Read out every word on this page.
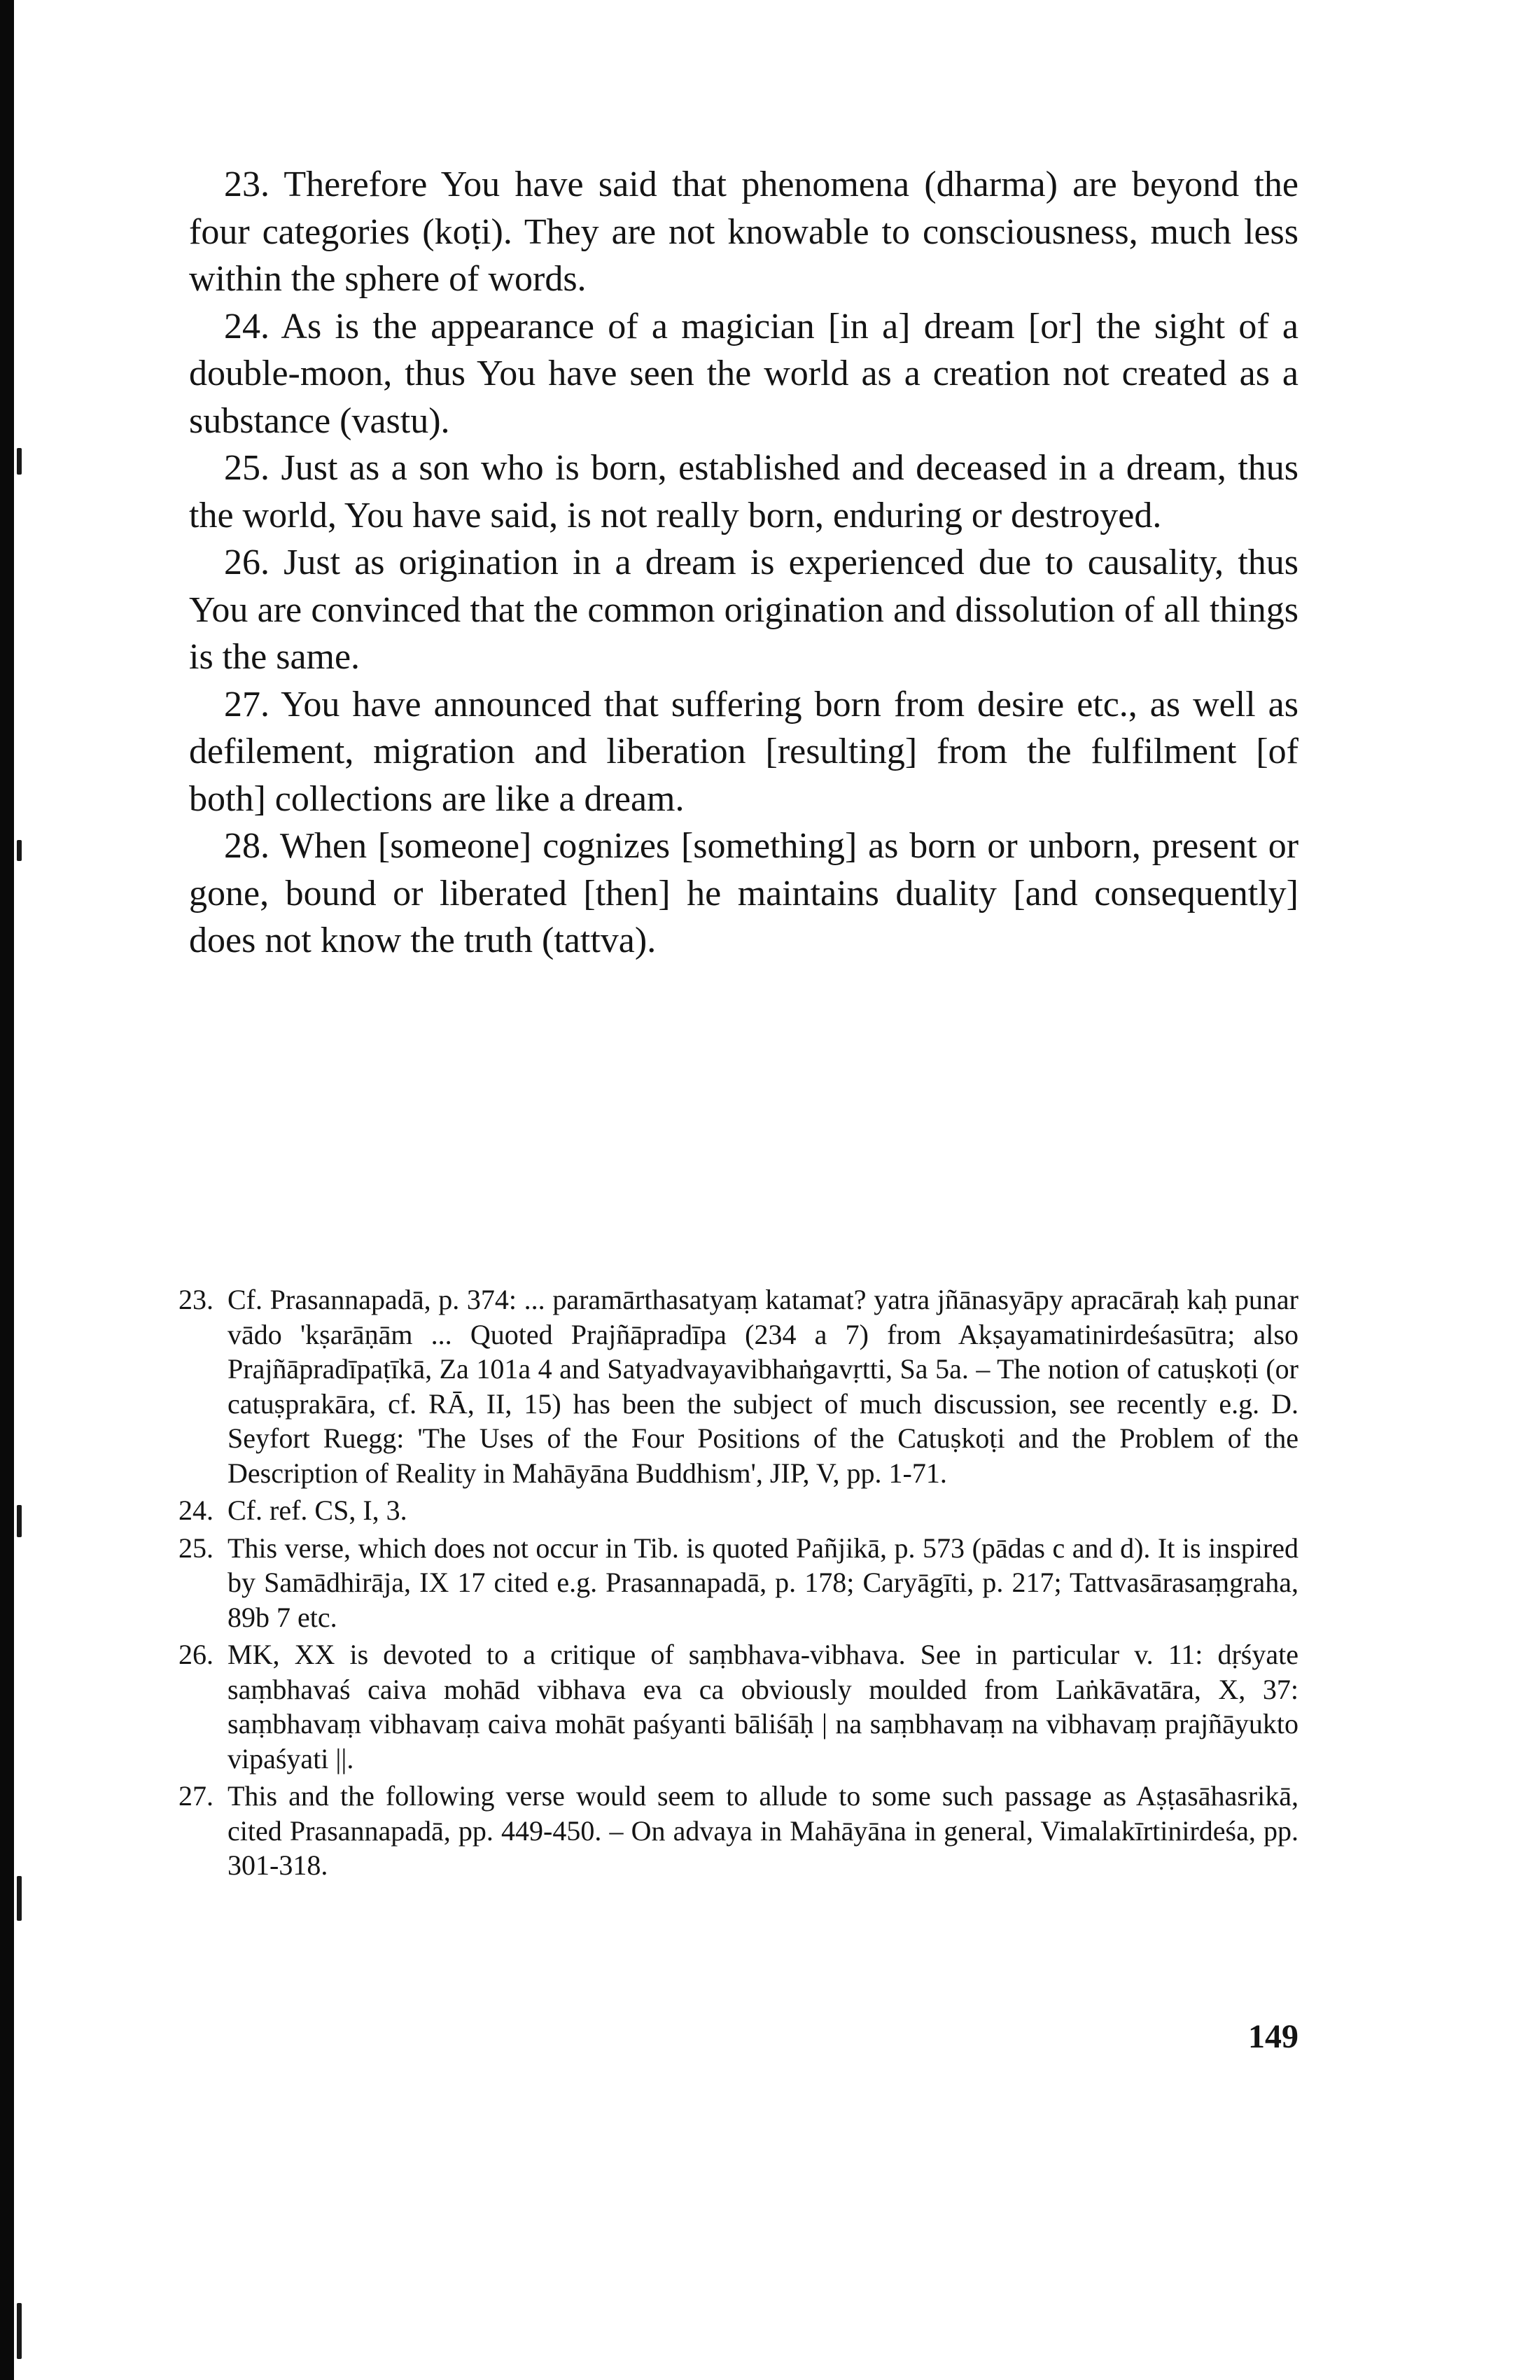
23. Therefore You have said that phenomena (dharma) are beyond the four categories (koṭi). They are not knowable to consciousness, much less within the sphere of words.

24. As is the appearance of a magician [in a] dream [or] the sight of a double-moon, thus You have seen the world as a creation not created as a substance (vastu).

25. Just as a son who is born, established and deceased in a dream, thus the world, You have said, is not really born, enduring or destroyed.

26. Just as origination in a dream is experienced due to causality, thus You are convinced that the common origination and dissolution of all things is the same.

27. You have announced that suffering born from desire etc., as well as defilement, migration and liberation [resulting] from the fulfilment [of both] collections are like a dream.

28. When [someone] cognizes [something] as born or unborn, present or gone, bound or liberated [then] he maintains duality [and consequently] does not know the truth (tattva).

23. Cf. Prasannapadā, p. 374: ... paramārthasatyaṃ katamat? yatra jñānasyāpy apracāraḥ kaḥ punar vādo 'kṣarāṇām ... Quoted Prajñāpradīpa (234 a 7) from Akṣayamatinirdeśasūtra; also Prajñāpradīpaṭīkā, Za 101a 4 and Satyadvayavibhaṅgavṛtti, Sa 5a. – The notion of catuṣkoṭi (or catuṣprakāra, cf. RĀ, II, 15) has been the subject of much discussion, see recently e.g. D. Seyfort Ruegg: 'The Uses of the Four Positions of the Catuṣkoṭi and the Problem of the Description of Reality in Mahāyāna Buddhism', JIP, V, pp. 1-71.
24. Cf. ref. CS, I, 3.
25. This verse, which does not occur in Tib. is quoted Pañjikā, p. 573 (pādas c and d). It is inspired by Samādhirāja, IX 17 cited e.g. Prasannapadā, p. 178; Caryāgīti, p. 217; Tattvasārasaṃgraha, 89b 7 etc.
26. MK, XX is devoted to a critique of saṃbhava-vibhava. See in particular v. 11: dṛśyate saṃbhavaś caiva mohād vibhava eva ca obviously moulded from Laṅkāvatāra, X, 37: saṃbhavaṃ vibhavaṃ caiva mohāt paśyanti bāliśāḥ | na saṃbhavaṃ na vibhavaṃ prajñāyukto vipaśyati ||.
27. This and the following verse would seem to allude to some such passage as Aṣṭasāhasrikā, cited Prasannapadā, pp. 449-450. – On advaya in Mahāyāna in general, Vimalakīrtinirdeśa, pp. 301-318.
149
